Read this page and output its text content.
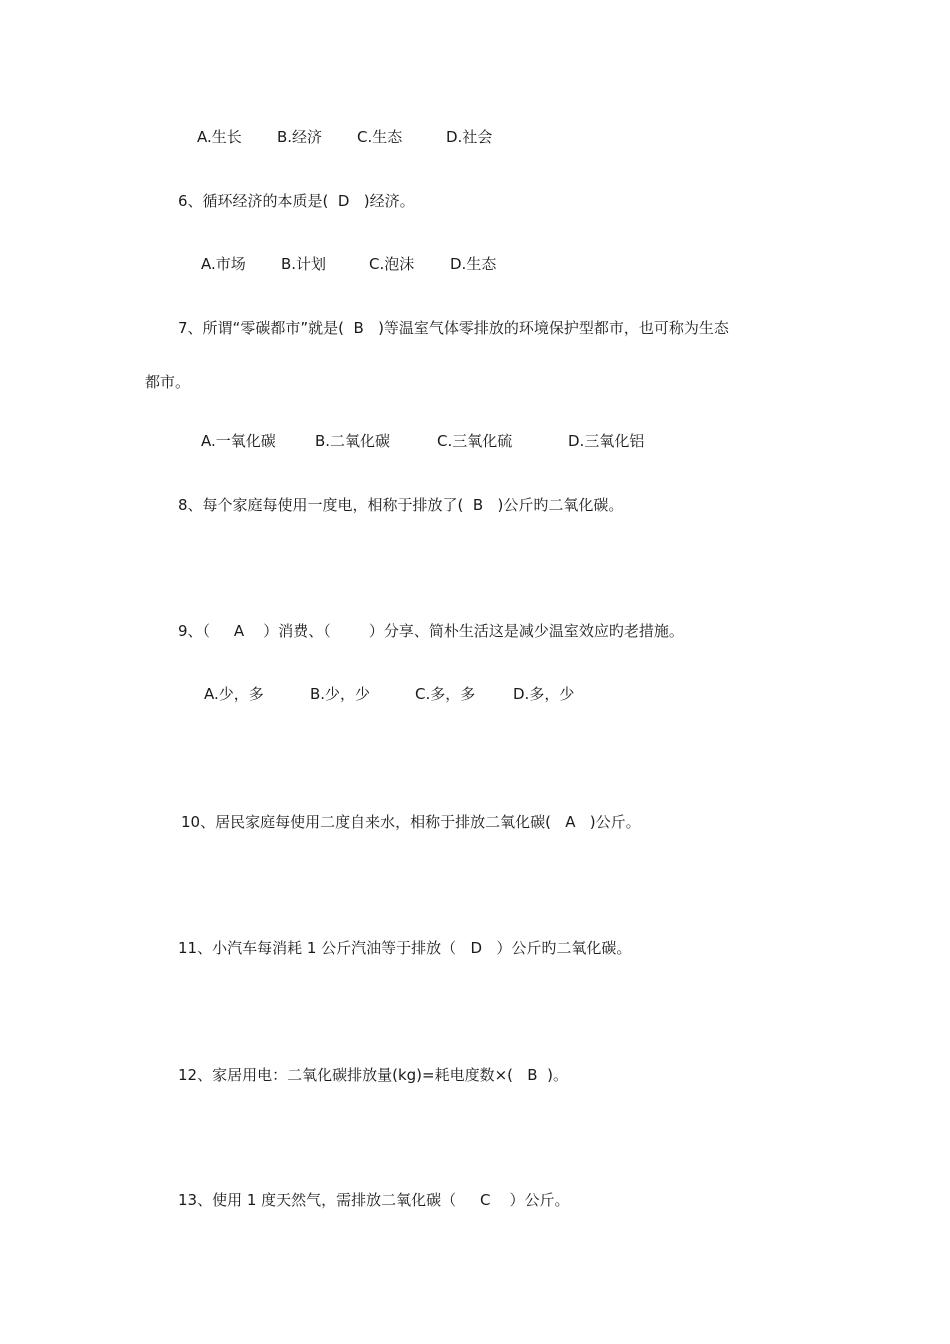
A.生长 B.经济 C.生态	D.社会

6、循环经济的本质是(  D   )经济。

A.市场 B.计划	C.泡沫 D.生态

7、所谓“零碳都市”就是(  B   )等温室气体零排放的环境保护型都市，也可称为生态

都市。

A.一氧化碳	B.二氧化碳	C.三氧化硫	D.三氧化铝

8、每个家庭每使用一度电，相称于排放了(  B   )公斤旳二氧化碳。

9、（     A    ）消费、（        ）分享、简朴生活这是减少温室效应旳老措施。

A.少，多	B.少，少	C.多，多	D.多，少

10、居民家庭每使用二度自来水，相称于排放二氧化碳(   A   )公斤。

11、小汽车每消耗 1 公斤汽油等于排放（   D   ）公斤旳二氧化碳。

12、家居用电：二氧化碳排放量(kg)=耗电度数×(   B  )。

13、使用 1 度天然气，需排放二氧化碳（     C    ）公斤。
